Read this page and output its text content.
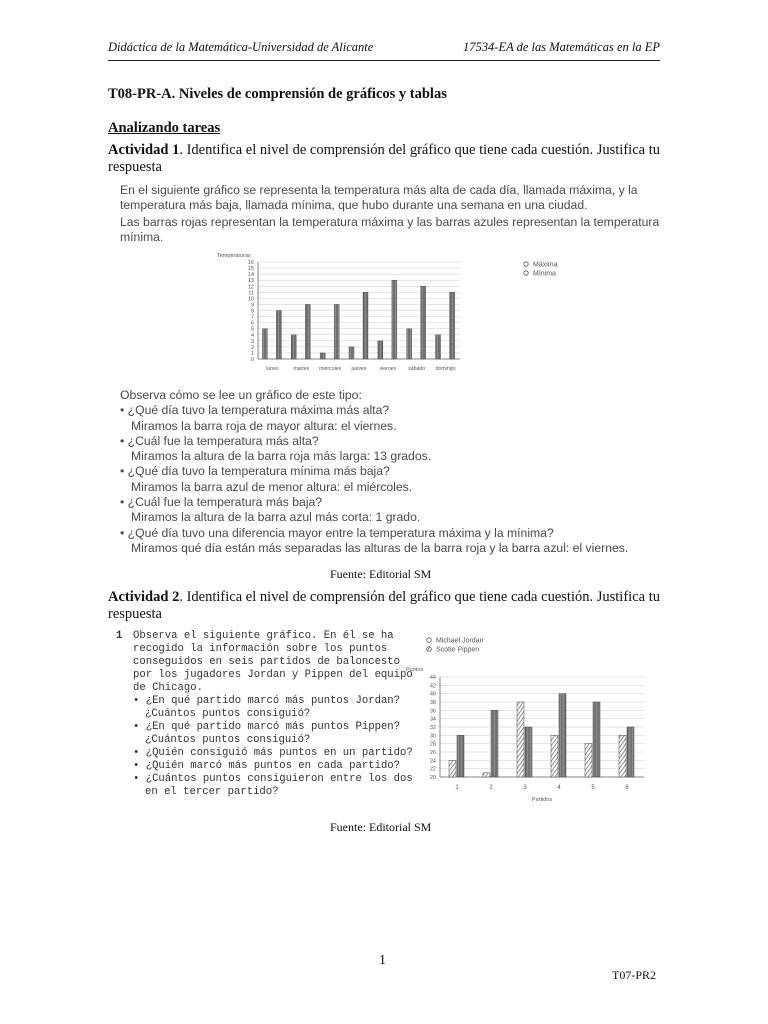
Didáctica de la Matemática-Universidad de Alicante	17534-EA de las Matemáticas en la EP
T08-PR-A. Niveles de comprensión de gráficos y tablas
Analizando tareas
Actividad 1. Identifica el nivel de comprensión del gráfico que tiene cada cuestión. Justifica tu respuesta
En el siguiente gráfico se representa la temperatura más alta de cada día, llamada máxima, y la temperatura más baja, llamada mínima, que hubo durante una semana en una ciudad.
Las barras rojas representan la temperatura máxima y las barras azules representan la temperatura mínima.
Temperaturas
0
1
2
3
4
5
6
7
8
9
10
11
12
13
14
15
16
lunes	martes miércoles jueves viernes sábado domingo
Máxima
Mínima
Observa cómo se lee un gráfico de este tipo:
• ¿Qué día tuvo la temperatura máxima más alta?
Miramos la barra roja de mayor altura: el viernes.
• ¿Cuál fue la temperatura más alta?
Miramos la altura de la barra roja más larga: 13 grados.
• ¿Qué día tuvo la temperatura mínima más baja?
Miramos la barra azul de menor altura: el miércoles.
• ¿Cuál fue la temperatura más baja?
Miramos la altura de la barra azul más corta: 1 grado.
• ¿Qué día tuvo una diferencia mayor entre la temperatura máxima y la mínima?
Miramos qué día están más separadas las alturas de la barra roja y la barra azul: el viernes.
Fuente: Editorial SM
Actividad 2. Identifica el nivel de comprensión del gráfico que tiene cada cuestión. Justifica tu respuesta
1 Observa el siguiente gráfico. En él se ha
recogido la información sobre los puntos
conseguidos en seis partidos de baloncesto
por los jugadores Jordan y Pippen del equipo
de Chicago.
• ¿En qué partido marcó más puntos Jordan?
¿Cuántos puntos consiguió?
• ¿En qué partido marcó más puntos Pippen?
¿Cuántos puntos consiguió?
• ¿Quién consiguió más puntos en un partido?
• ¿Quién marcó más puntos en cada partido?
• ¿Cuántos puntos consiguieron entre los dos
en el tercer partido?
Michael Jordan
Scotie Pippen
Puntos
20
22
24
26
28
30
32
34
36
38
40
42
44
1	2	3	4	5	6
Partidos
Fuente: Editorial SM
1
T07-PR2
